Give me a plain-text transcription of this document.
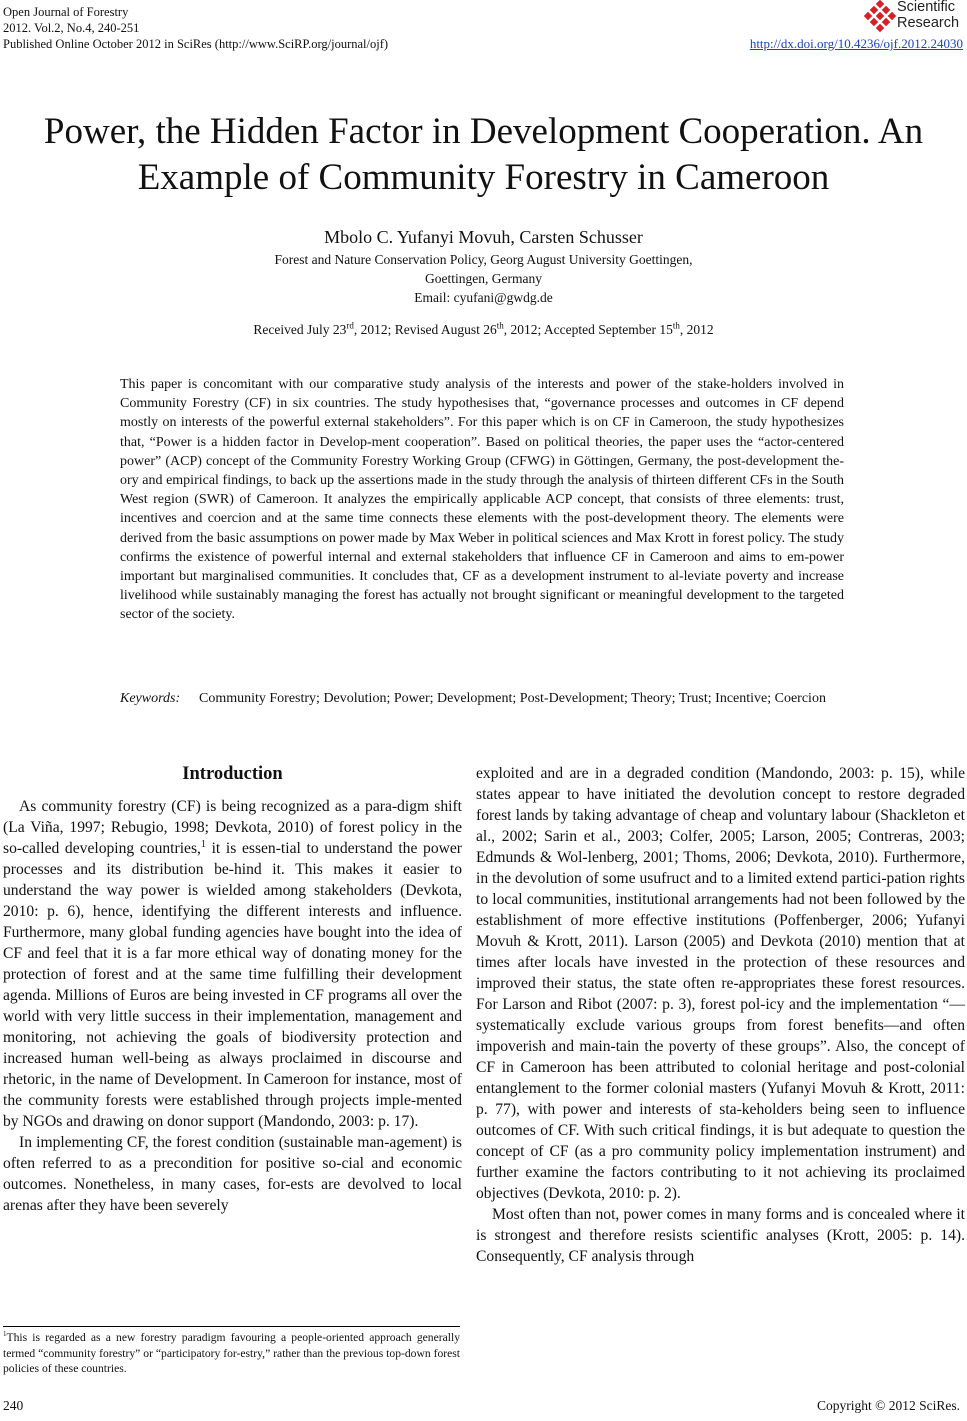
Open Journal of Forestry
2012. Vol.2, No.4, 240-251
Published Online October 2012 in SciRes (http://www.SciRP.org/journal/ojf)
Scientific
Research
http://dx.doi.org/10.4236/ojf.2012.24030
Power, the Hidden Factor in Development Cooperation. An
Example of Community Forestry in Cameroon
Mbolo C. Yufanyi Movuh, Carsten Schusser
Forest and Nature Conservation Policy, Georg August University Goettingen,
Goettingen, Germany
Email: cyufani@gwdg.de
Received July 23rd, 2012; Revised August 26th, 2012; Accepted September 15th, 2012
This paper is concomitant with our comparative study analysis of the interests and power of the stake-holders involved in Community Forestry (CF) in six countries. The study hypothesises that, “governance processes and outcomes in CF depend mostly on interests of the powerful external stakeholders”. For this paper which is on CF in Cameroon, the study hypothesizes that, “Power is a hidden factor in Develop-ment cooperation”. Based on political theories, the paper uses the “actor-centered power” (ACP) concept of the Community Forestry Working Group (CFWG) in Göttingen, Germany, the post-development the-ory and empirical findings, to back up the assertions made in the study through the analysis of thirteen different CFs in the South West region (SWR) of Cameroon. It analyzes the empirically applicable ACP concept, that consists of three elements: trust, incentives and coercion and at the same time connects these elements with the post-development theory. The elements were derived from the basic assumptions on power made by Max Weber in political sciences and Max Krott in forest policy. The study confirms the existence of powerful internal and external stakeholders that influence CF in Cameroon and aims to em-power important but marginalised communities. It concludes that, CF as a development instrument to al-leviate poverty and increase livelihood while sustainably managing the forest has actually not brought significant or meaningful development to the targeted sector of the society.
Keywords: Community Forestry; Devolution; Power; Development; Post-Development; Theory; Trust; Incentive; Coercion
Introduction

As community forestry (CF) is being recognized as a para-digm shift (La Viña, 1997; Rebugio, 1998; Devkota, 2010) of forest policy in the so-called developing countries,$^1$ it is essen-tial to understand the power processes and its distribution be-hind it. This makes it easier to understand the way power is wielded among stakeholders (Devkota, 2010: p. 6), hence, identifying the different interests and influence. Furthermore, many global funding agencies have bought into the idea of CF and feel that it is a far more ethical way of donating money for the protection of forest and at the same time fulfilling their development agenda. Millions of Euros are being invested in CF programs all over the world with very little success in their implementation, management and monitoring, not achieving the goals of biodiversity protection and increased human well-being as always proclaimed in discourse and rhetoric, in the name of Development. In Cameroon for instance, most of the community forests were established through projects imple-mented by NGOs and drawing on donor support (Mandondo, 2003: p. 17).

In implementing CF, the forest condition (sustainable man-agement) is often referred to as a precondition for positive so-cial and economic outcomes. Nonetheless, in many cases, for-ests are devolved to local arenas after they have been severely

exploited and are in a degraded condition (Mandondo, 2003: p. 15), while states appear to have initiated the devolution concept to restore degraded forest lands by taking advantage of cheap and voluntary labour (Shackleton et al., 2002; Sarin et al., 2003; Colfer, 2005; Larson, 2005; Contreras, 2003; Edmunds & Wol-lenberg, 2001; Thoms, 2006; Devkota, 2010). Furthermore, in the devolution of some usufruct and to a limited extend partici-pation rights to local communities, institutional arrangements had not been followed by the establishment of more effective institutions (Poffenberger, 2006; Yufanyi Movuh & Krott, 2011). Larson (2005) and Devkota (2010) mention that at times after locals have invested in the protection of these resources and improved their status, the state often re-appropriates these forest resources. For Larson and Ribot (2007: p. 3), forest pol-icy and the implementation “—systematically exclude various groups from forest benefits—and often impoverish and main-tain the poverty of these groups”. Also, the concept of CF in Cameroon has been attributed to colonial heritage and post-colonial entanglement to the former colonial masters (Yufanyi Movuh & Krott, 2011: p. 77), with power and interests of sta-keholders being seen to influence outcomes of CF. With such critical findings, it is but adequate to question the concept of CF (as a pro community policy implementation instrument) and further examine the factors contributing to it not achieving its proclaimed objectives (Devkota, 2010: p. 2).

Most often than not, power comes in many forms and is concealed where it is strongest and therefore resists scientific analyses (Krott, 2005: p. 14). Consequently, CF analysis through

$^1$This is regarded as a new forestry paradigm favouring a people-oriented approach generally termed “community forestry” or “participatory for-estry,” rather than the previous top-down forest policies of these countries.
240	Copyright © 2012 SciRes.
